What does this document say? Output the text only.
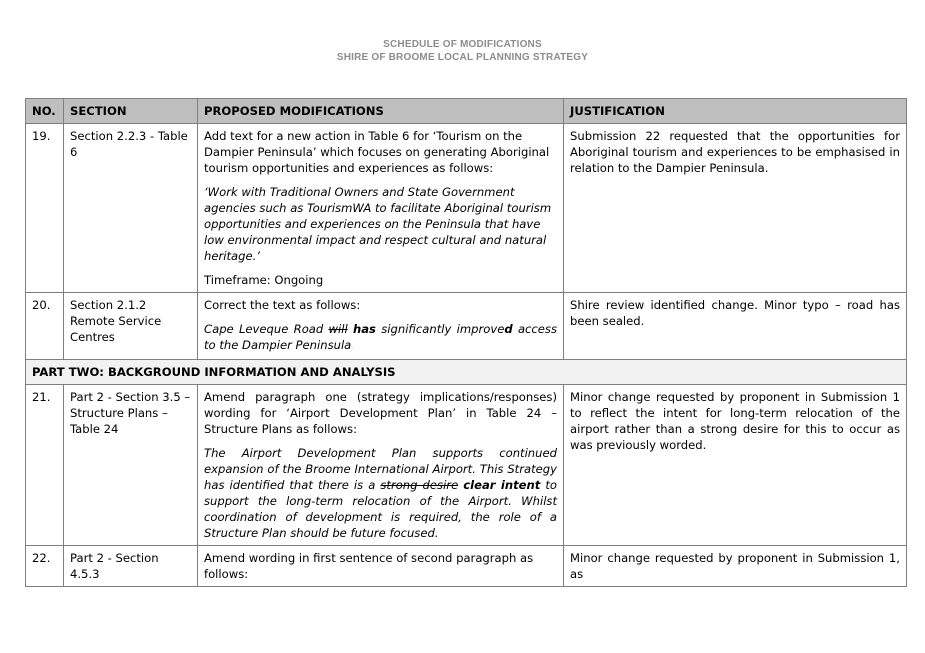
SCHEDULE OF MODIFICATIONS
SHIRE OF BROOME LOCAL PLANNING STRATEGY
NO.	SECTION	PROPOSED MODIFICATIONS	JUSTIFICATION
19.	Section 2.2.3 - Table 6	Add text for a new action in Table 6 for ‘Tourism on the Dampier Peninsula’ which focuses on generating Aboriginal tourism opportunities and experiences as follows:

‘Work with Traditional Owners and State Government agencies such as TourismWA to facilitate Aboriginal tourism opportunities and experiences on the Peninsula that have low environmental impact and respect cultural and natural heritage.’

Timeframe: Ongoing	Submission 22 requested that the opportunities for Aboriginal tourism and experiences to be emphasised in relation to the Dampier Peninsula.
20.	Section 2.1.2 Remote Service Centres	Correct the text as follows:

Cape Leveque Road will has significantly improved access to the Dampier Peninsula.	Shire review identified change. Minor typo – road has been sealed.
PART TWO: BACKGROUND INFORMATION AND ANALYSIS			
21.	Part 2 - Section 3.5 – Structure Plans – Table 24	Amend paragraph one (strategy implications/responses) wording for ‘Airport Development Plan’ in Table 24 – Structure Plans as follows:

The Airport Development Plan supports continued expansion of the Broome International Airport. This Strategy has identified that there is a strong desire clear intent to support the long-term relocation of the Airport. Whilst coordination of development is required, the role of a Structure Plan should be future focused.	Minor change requested by proponent in Submission 1 to reflect the intent for long-term relocation of the airport rather than a strong desire for this to occur as was previously worded.
22.	Part 2 - Section 4.5.3	Amend wording in first sentence of second paragraph as follows:	Minor change requested by proponent in Submission 1, as
